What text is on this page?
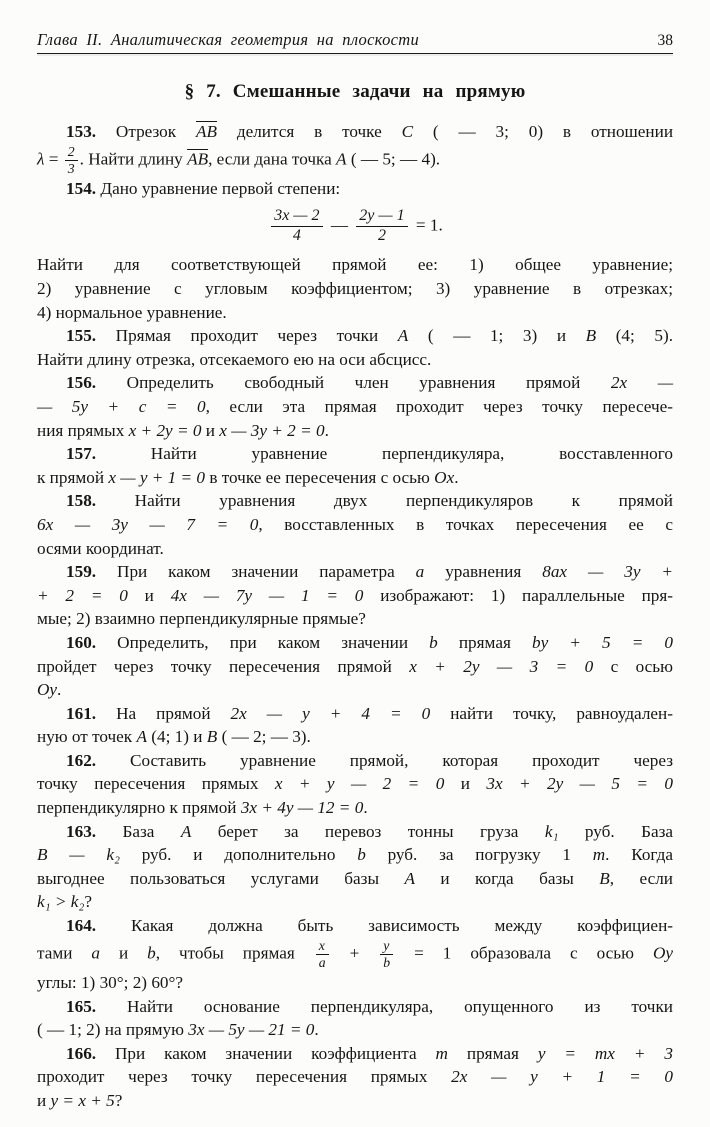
Глава II. Аналитическая геометрия на плоскости	38
§ 7. Смешанные задачи на прямую
153. Отрезок $\overline{AB}$ делится в точке C ( — 3; 0) в отношении
$\lambda = \frac{2}{3}$ . Найти длину $\overline{AB}$, если дана точка A ( — 5; — 4).
154. Дано уравнение первой степени:
$\frac{3x — 2}{4}$ — $\frac{2y — 1}{2} = 1$.
Найти для соответствующей прямой ее: 1) общее уравнение;
2) уравнение с угловым коэффициентом; 3) уравнение в отрезках;
4) нормальное уравнение.
155. Прямая проходит через точки A ( — 1; 3) и B (4; 5).
Найти длину отрезка, отсекаемого ею на оси абсцисс.
156. Определить свободный член уравнения прямой 2x —
— 5y + c = 0, если эта прямая проходит через точку пересече-
ния прямых x + 2y = 0 и x — 3y + 2 = 0.
157. Найти уравнение перпендикуляра, восставленного
к прямой x — y + 1 = 0 в точке ее пересечения с осью Ox.
158. Найти уравнения двух перпендикуляров к прямой
6x — 3y — 7 = 0, восставленных в точках пересечения ее с
осями координат.
159. При каком значении параметра a уравнения 8ax — 3y +
+ 2 = 0 и 4x — 7y — 1 = 0 изображают: 1) параллельные пря-
мые; 2) взаимно перпендикулярные прямые?
160. Определить, при каком значении b прямая by + 5 = 0
пройдет через точку пересечения прямой x + 2y — 3 = 0 с осью
Oy.
161. На прямой 2x — y + 4 = 0 найти точку, равноудален-
ную от точек A (4; 1) и B ( — 2; — 3).
162. Составить уравнение прямой, которая проходит через
точку пересечения прямых x + y — 2 = 0 и 3x + 2y — 5 = 0
перпендикулярно к прямой 3x + 4y — 12 = 0.
163. База A берет за перевоз тонны груза k₁ руб. База
B — k₂ руб. и дополнительно b руб. за погрузку 1 т. Когда
выгоднее пользоваться услугами базы A и когда базы B, если
k₁ > k₂?
164. Какая должна быть зависимость между коэффициен-
тами a и b, чтобы прямая $\frac{x}{a} + \frac{y}{b} = 1$ образовала с осью Oy
углы: 1) 30°; 2) 60°?
165. Найти основание перпендикуляра, опущенного из точки
( — 1; 2) на прямую 3x — 5y — 21 = 0.
166. При каком значении коэффициента m прямая y = mx + 3
проходит через точку пересечения прямых 2x — y + 1 = 0
и y = x + 5?
